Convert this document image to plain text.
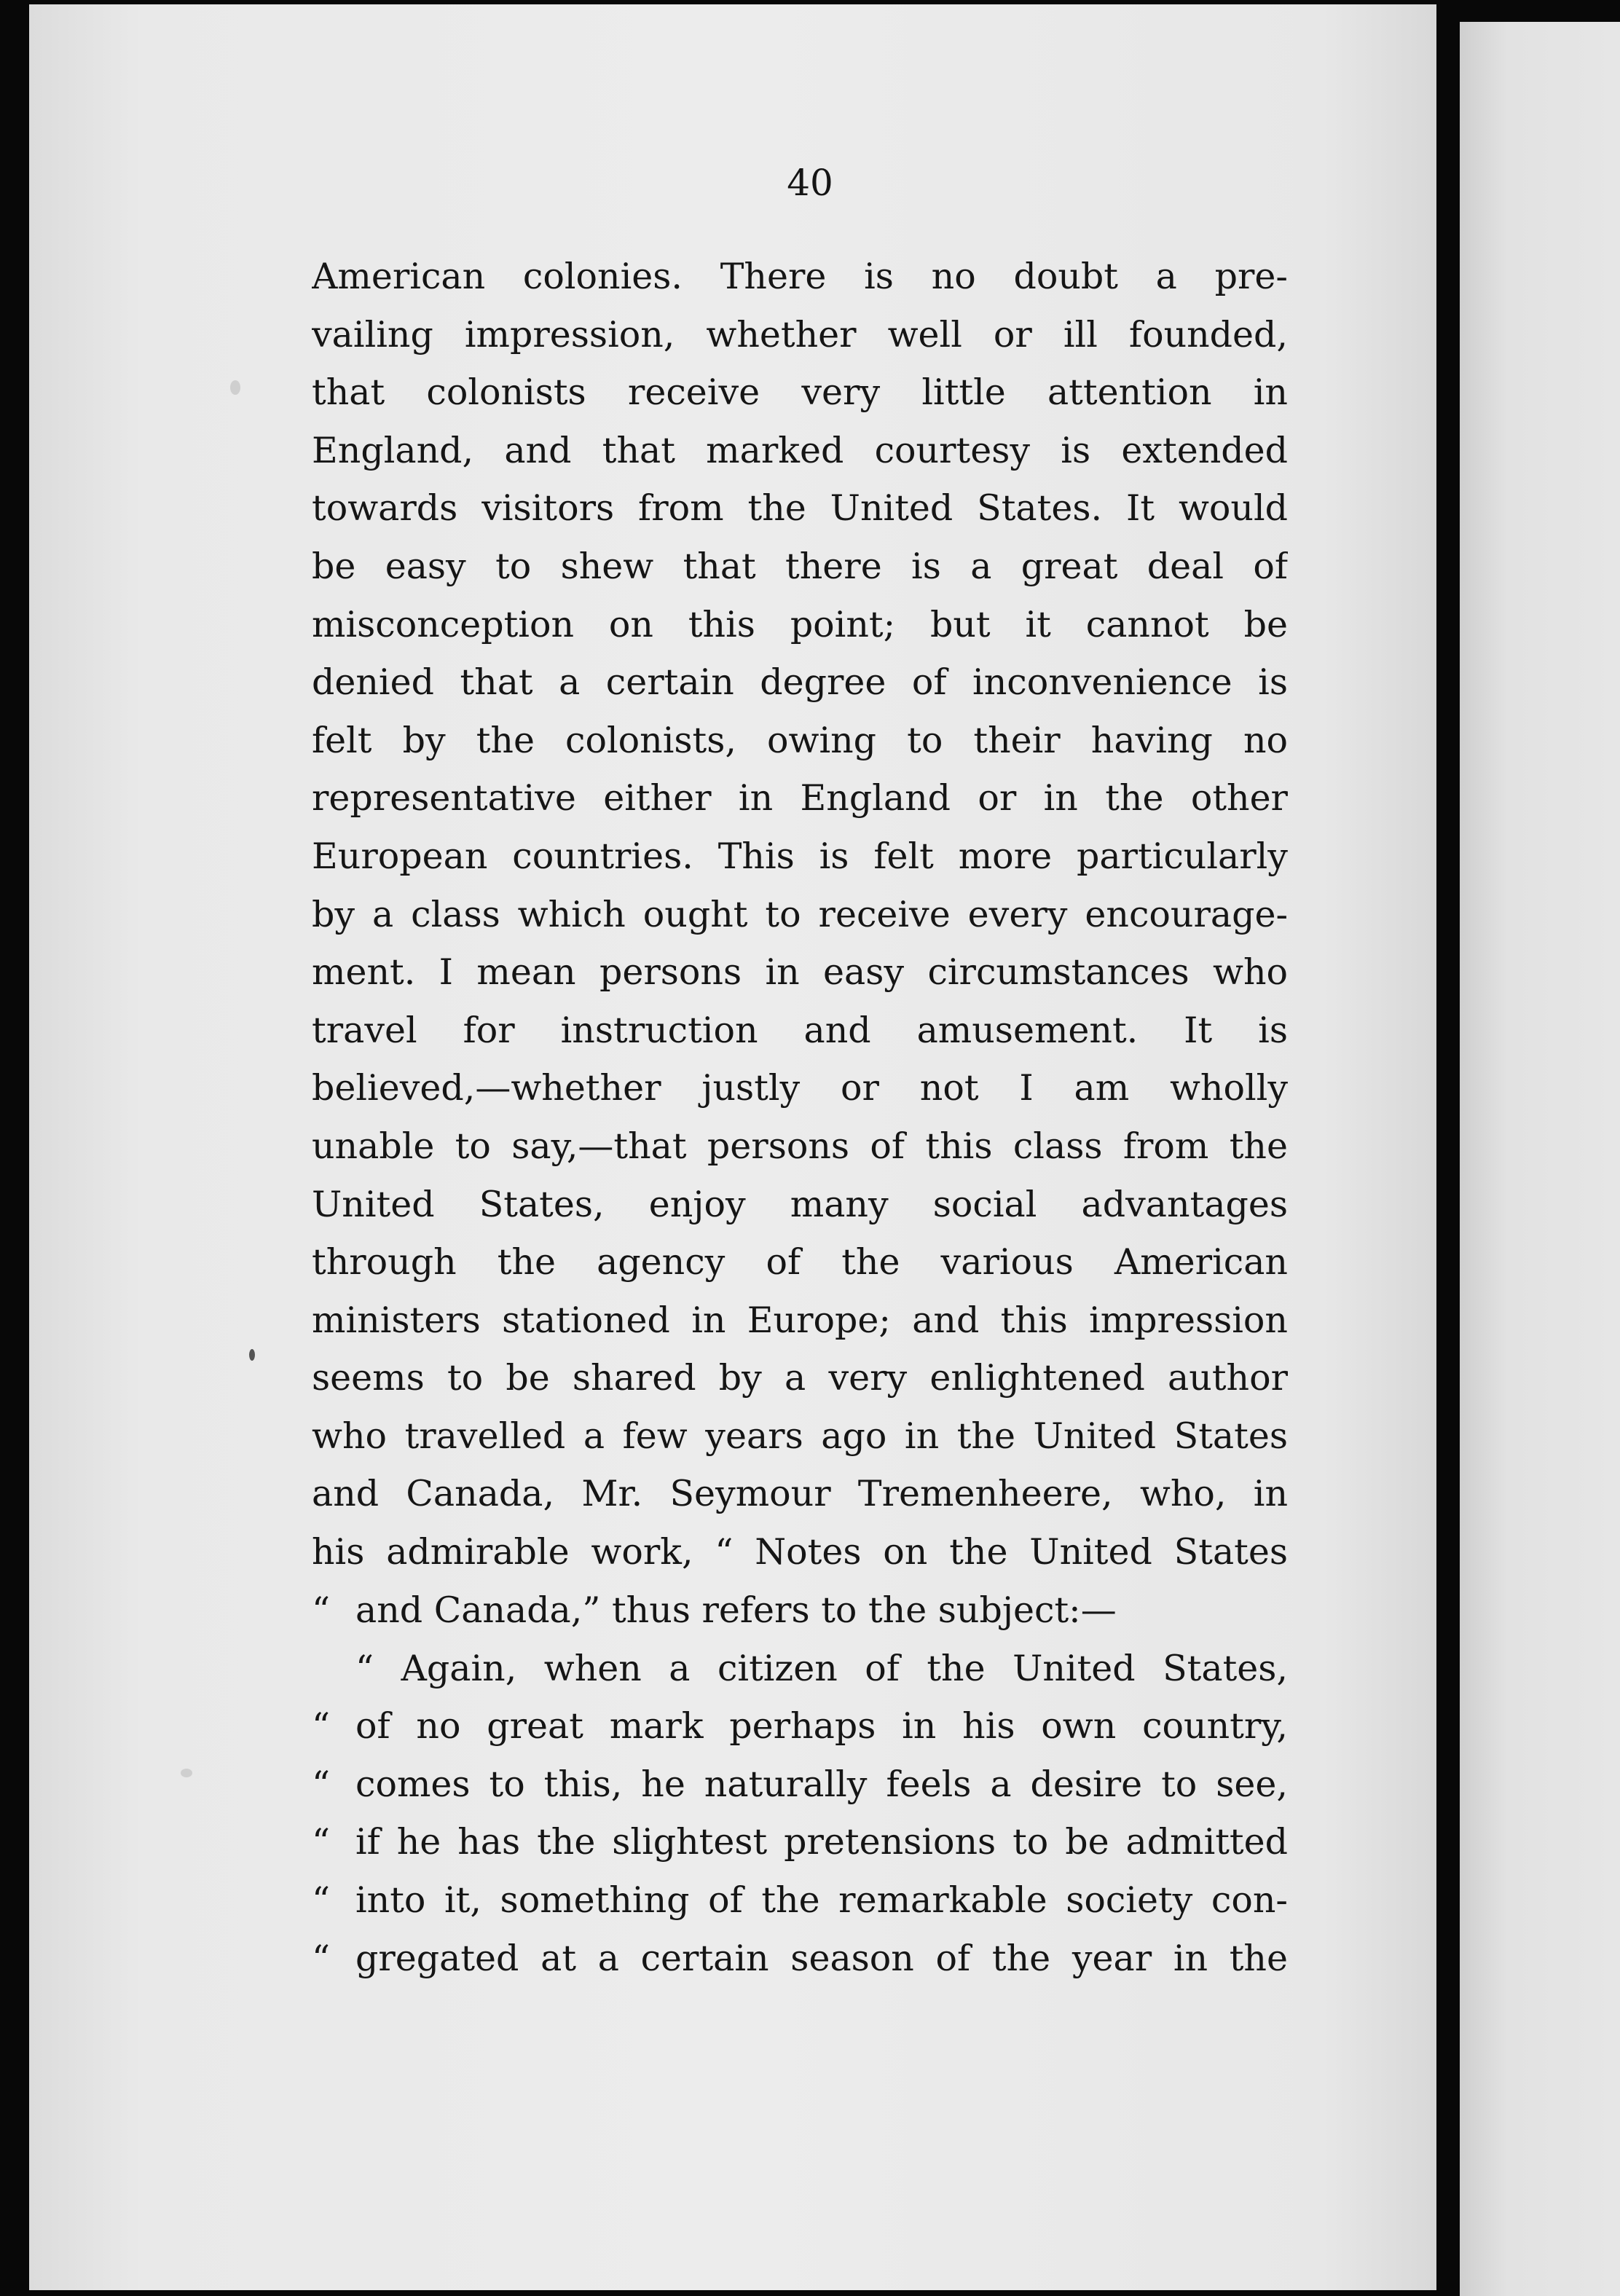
40
American colonies. There is no doubt a pre-
vailing impression, whether well or ill founded,
that colonists receive very little attention in
England, and that marked courtesy is extended
towards visitors from the United States. It would
be easy to shew that there is a great deal of
misconception on this point; but it cannot be
denied that a certain degree of inconvenience is
felt by the colonists, owing to their having no
representative either in England or in the other
European countries. This is felt more particularly
by a class which ought to receive every encourage-
ment. I mean persons in easy circumstances who
travel for instruction and amusement. It is
believed,—whether justly or not I am wholly
unable to say,—that persons of this class from the
United States, enjoy many social advantages
through the agency of the various American
ministers stationed in Europe; and this impression
seems to be shared by a very enlightened author
who travelled a few years ago in the United States
and Canada, Mr. Seymour Tremenheere, who, in
his admirable work, “ Notes on the United States
“ and Canada,” thus refers to the subject:—
“ Again, when a citizen of the United States,
“ of no great mark perhaps in his own country,
“ comes to this, he naturally feels a desire to see,
“ if he has the slightest pretensions to be admitted
“ into it, something of the remarkable society con-
“ gregated at a certain season of the year in the
